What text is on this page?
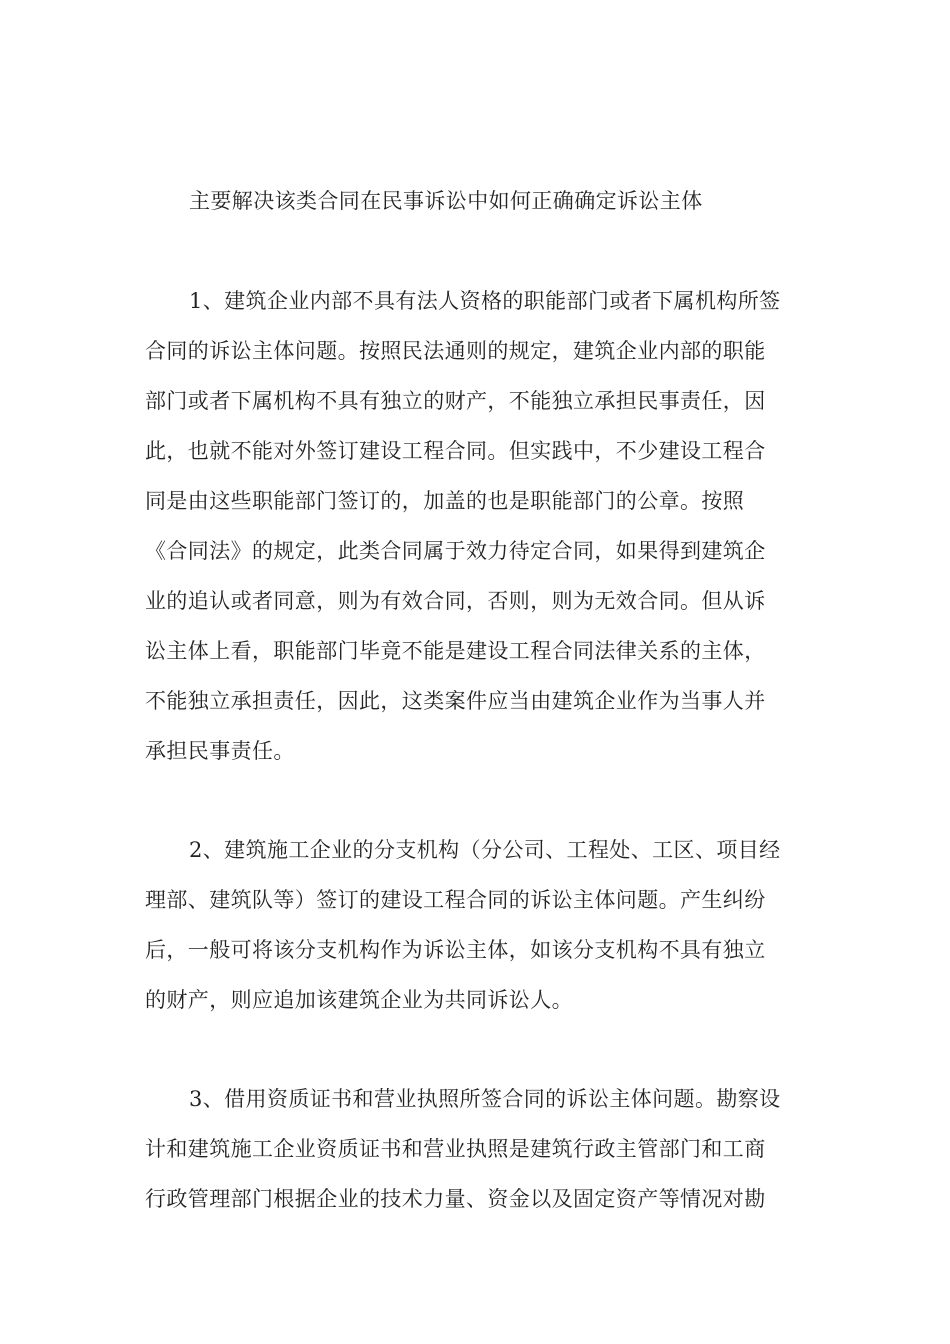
主要解决该类合同在民事诉讼中如何正确确定诉讼主体
1、建筑企业内部不具有法人资格的职能部门或者下属机构所签
合同的诉讼主体问题。按照民法通则的规定，建筑企业内部的职能
部门或者下属机构不具有独立的财产，不能独立承担民事责任，因
此，也就不能对外签订建设工程合同。但实践中，不少建设工程合
同是由这些职能部门签订的，加盖的也是职能部门的公章。按照
《合同法》的规定，此类合同属于效力待定合同，如果得到建筑企
业的追认或者同意，则为有效合同，否则，则为无效合同。但从诉
讼主体上看，职能部门毕竟不能是建设工程合同法律关系的主体，
不能独立承担责任，因此，这类案件应当由建筑企业作为当事人并
承担民事责任。
2、建筑施工企业的分支机构（分公司、工程处、工区、项目经
理部、建筑队等）签订的建设工程合同的诉讼主体问题。产生纠纷
后，一般可将该分支机构作为诉讼主体，如该分支机构不具有独立
的财产，则应追加该建筑企业为共同诉讼人。
3、借用资质证书和营业执照所签合同的诉讼主体问题。勘察设
计和建筑施工企业资质证书和营业执照是建筑行政主管部门和工商
行政管理部门根据企业的技术力量、资金以及固定资产等情况对勘
